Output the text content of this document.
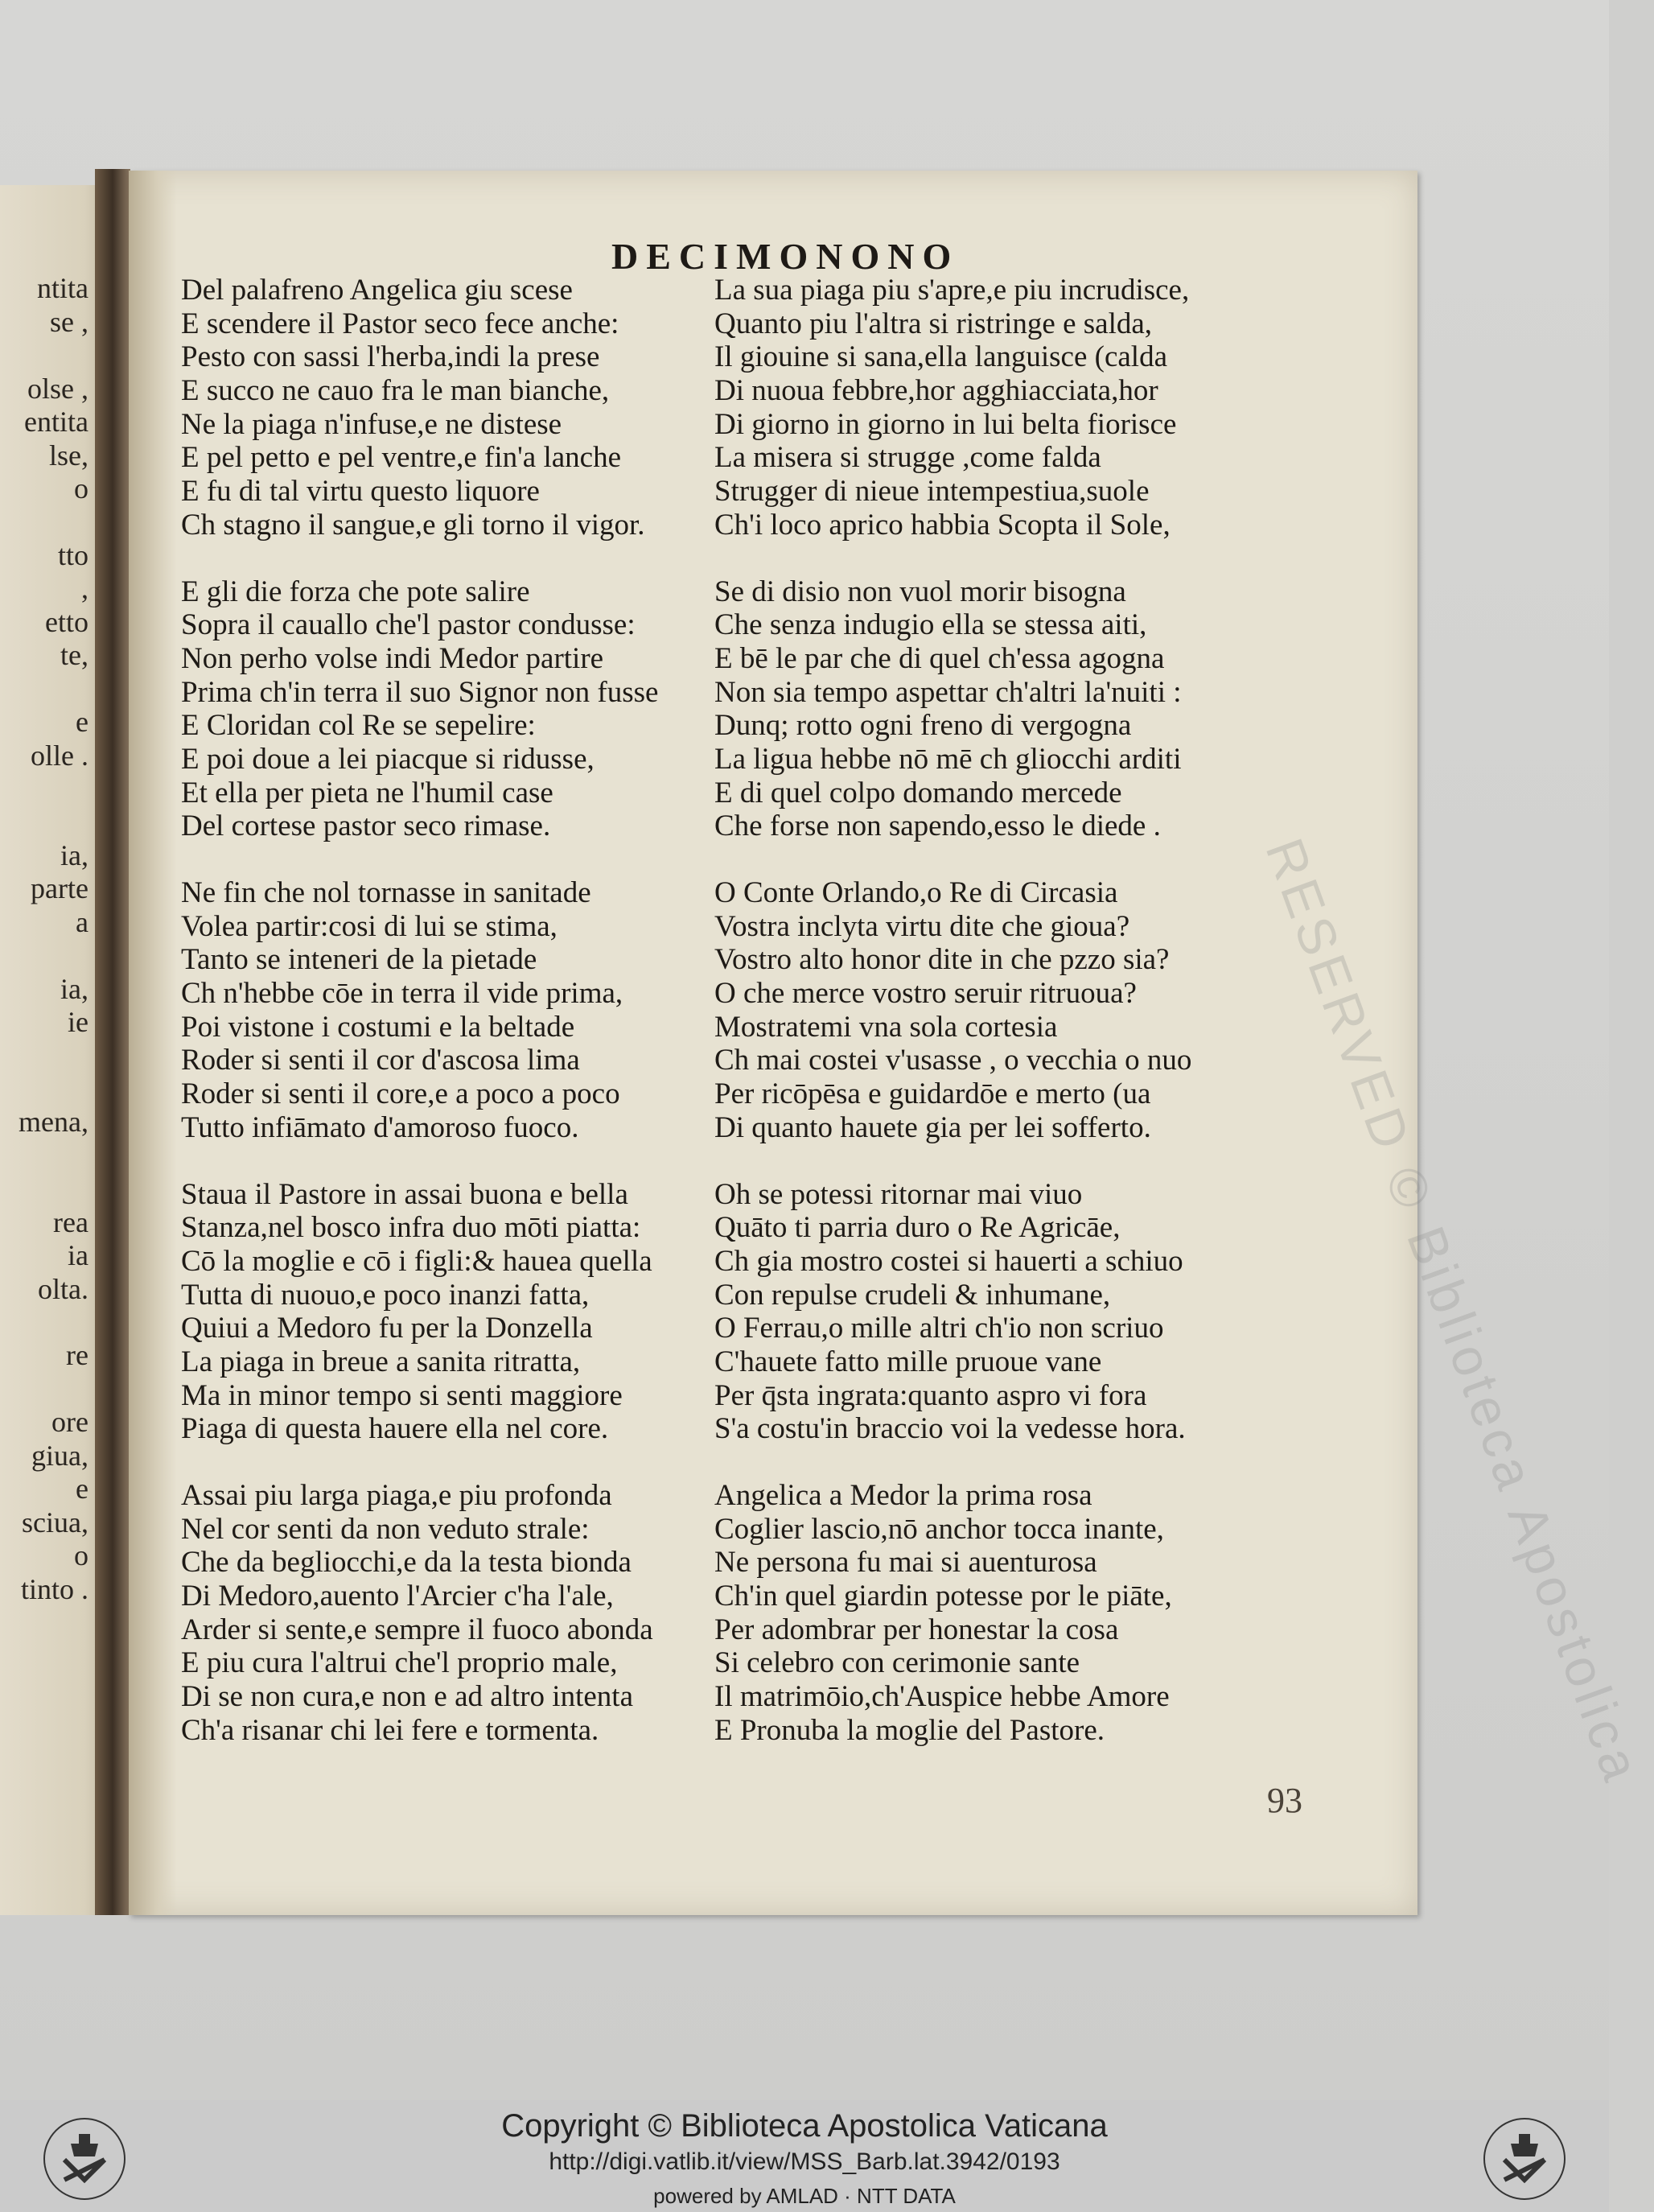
ntita
se ,
olse ,
entita
lse,
o
tto
,
etto
te,
e
olle .
ia,
parte
a
ia,
ie
mena,
rea
ia
olta.
re
ore
giua,
e
sciua,
o
tinto .
DECIMONONO
Del palafreno Angelica giu scese
E scendere il Pastor seco fece anche:
Pesto con sassi l'herba,indi la prese
E succo ne cauo fra le man bianche,
Ne la piaga n'infuse,e ne distese
E pel petto e pel ventre,e fin'a lanche
E fu di tal virtu questo liquore
Ch stagno il sangue,e gli torno il vigor.
E gli die forza che pote salire
Sopra il cauallo che'l pastor condusse:
Non perho volse indi Medor partire
Prima ch'in terra il suo Signor non fusse
E Cloridan col Re se sepelire:
E poi doue a lei piacque si ridusse,
Et ella per pieta ne l'humil case
Del cortese pastor seco rimase.
Ne fin che nol tornasse in sanitade
Volea partir:cosi di lui se stima,
Tanto se inteneri de la pietade
Ch n'hebbe cōe in terra il vide prima,
Poi vistone i costumi e la beltade
Roder si senti il cor d'ascosa lima
Roder si senti il core,e a poco a poco
Tutto infiāmato d'amoroso fuoco.
Staua il Pastore in assai buona e bella
Stanza,nel bosco infra duo mōti piatta:
Cō la moglie e cō i figli:& hauea quella
Tutta di nuouo,e poco inanzi fatta,
Quiui a Medoro fu per la Donzella
La piaga in breue a sanita ritratta,
Ma in minor tempo si senti maggiore
Piaga di questa hauere ella nel core.
Assai piu larga piaga,e piu profonda
Nel cor senti da non veduto strale:
Che da begliocchi,e da la testa bionda
Di Medoro,auento l'Arcier c'ha l'ale,
Arder si sente,e sempre il fuoco abonda
E piu cura l'altrui che'l proprio male,
Di se non cura,e non e ad altro intenta
Ch'a risanar chi lei fere e tormenta.
La sua piaga piu s'apre,e piu incrudisce,
Quanto piu l'altra si ristringe e salda,
Il giouine si sana,ella languisce (calda
Di nuoua febbre,hor agghiacciata,hor
Di giorno in giorno in lui belta fiorisce
La misera si strugge ,come falda
Strugger di nieue intempestiua,suole
Ch'i loco aprico habbia Scopta il Sole,
Se di disio non vuol morir bisogna
Che senza indugio ella se stessa aiti,
E bē le par che di quel ch'essa agogna
Non sia tempo aspettar ch'altri la'nuiti :
Dunq; rotto ogni freno di vergogna
La ligua hebbe nō mē ch gliocchi arditi
E di quel colpo domando mercede
Che forse non sapendo,esso le diede .
O Conte Orlando,o Re di Circasia
Vostra inclyta virtu dite che gioua?
Vostro alto honor dite in che pzzo sia?
O che merce vostro seruir ritruoua?
Mostratemi vna sola cortesia
Ch mai costei v'usasse , o vecchia o nuo
Per ricōpēsa e guidardōe e merto (ua
Di quanto hauete gia per lei sofferto.
Oh se potessi ritornar mai viuo
Quāto ti parria duro o Re Agricāe,
Ch gia mostro costei si hauerti a schiuo
Con repulse crudeli & inhumane,
O Ferrau,o mille altri ch'io non scriuo
C'hauete fatto mille pruoue vane
Per q̄sta ingrata:quanto aspro vi fora
S'a costu'in braccio voi la vedesse hora.
Angelica a Medor la prima rosa
Coglier lascio,nō anchor tocca inante,
Ne persona fu mai si auenturosa
Ch'in quel giardin potesse por le piāte,
Per adombrar per honestar la cosa
Si celebro con cerimonie sante
Il matrimōio,ch'Auspice hebbe Amore
E Pronuba la moglie del Pastore.	RESERVED © Biblioteca Apostolica
93
Copyright © Biblioteca Apostolica Vaticana
http://digi.vatlib.it/view/MSS_Barb.lat.3942/0193
powered by AMLAD · NTT DATA
